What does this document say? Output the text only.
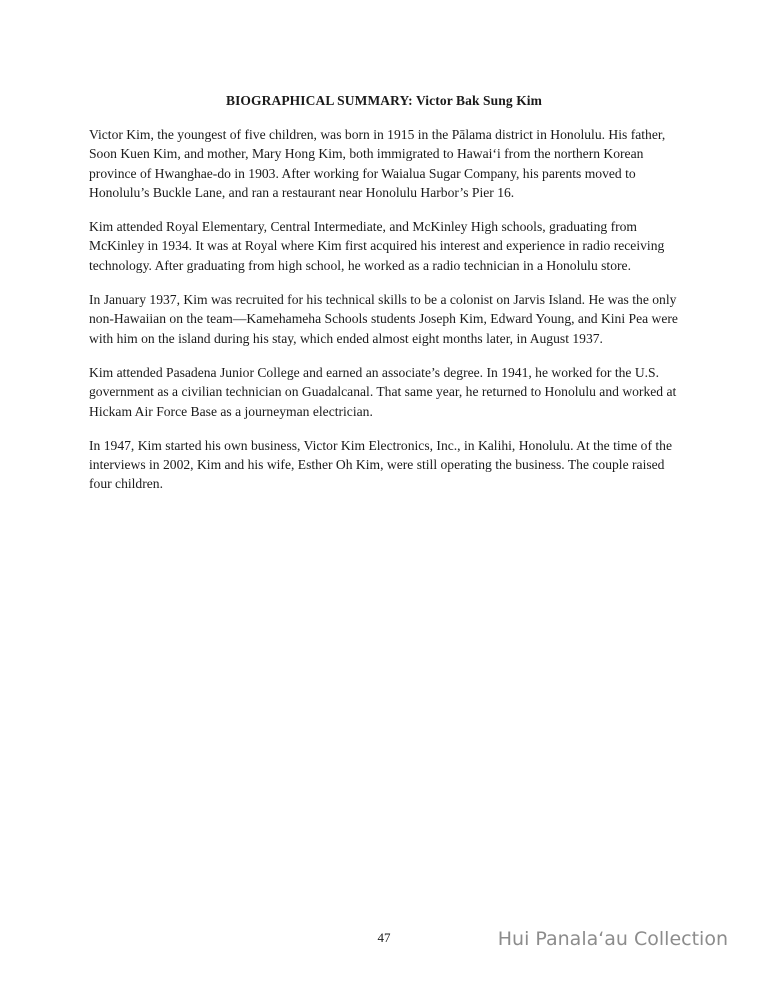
BIOGRAPHICAL SUMMARY: Victor Bak Sung Kim

Victor Kim, the youngest of five children, was born in 1915 in the Pālama district in Honolulu. His father, Soon Kuen Kim, and mother, Mary Hong Kim, both immigrated to Hawai‘i from the northern Korean province of Hwanghae-do in 1903. After working for Waialua Sugar Company, his parents moved to Honolulu’s Buckle Lane, and ran a restaurant near Honolulu Harbor’s Pier 16.

Kim attended Royal Elementary, Central Intermediate, and McKinley High schools, graduating from McKinley in 1934. It was at Royal where Kim first acquired his interest and experience in radio receiving technology. After graduating from high school, he worked as a radio technician in a Honolulu store.

In January 1937, Kim was recruited for his technical skills to be a colonist on Jarvis Island. He was the only non-Hawaiian on the team—Kamehameha Schools students Joseph Kim, Edward Young, and Kini Pea were with him on the island during his stay, which ended almost eight months later, in August 1937.

Kim attended Pasadena Junior College and earned an associate’s degree. In 1941, he worked for the U.S. government as a civilian technician on Guadalcanal. That same year, he returned to Honolulu and worked at Hickam Air Force Base as a journeyman electrician.

In 1947, Kim started his own business, Victor Kim Electronics, Inc., in Kalihi, Honolulu. At the time of the interviews in 2002, Kim and his wife, Esther Oh Kim, were still operating the business. The couple raised four children.

47	Hui Panala‘au Collection
